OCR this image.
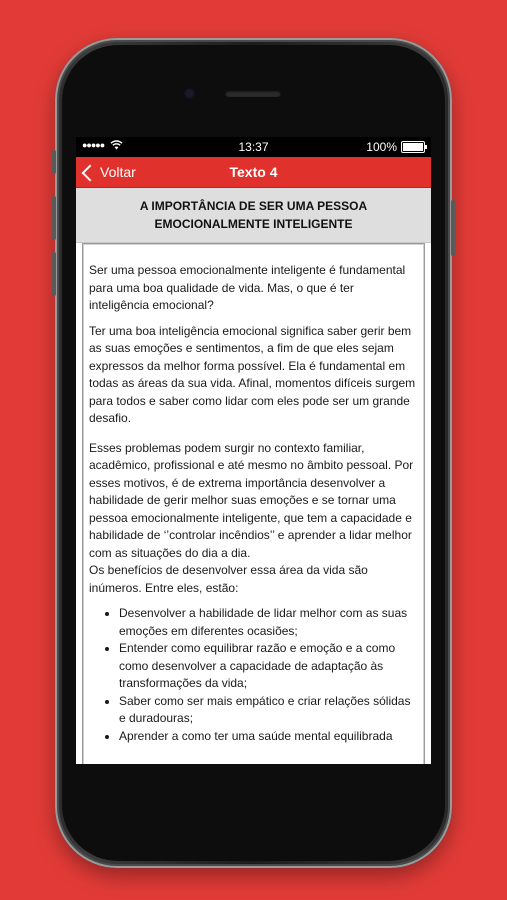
●●●●●	13:37	100%
Voltar	Texto 4
A IMPORTÂNCIA DE SER UMA PESSOA EMOCIONALMENTE INTELIGENTE

Ser uma pessoa emocionalmente inteligente é fundamental para uma boa qualidade de vida. Mas, o que é ter inteligência emocional?

Ter uma boa inteligência emocional significa saber gerir bem as suas emoções e sentimentos, a fim de que eles sejam expressos da melhor forma possível. Ela é fundamental em todas as áreas da sua vida. Afinal, momentos difíceis surgem para todos e saber como lidar com eles pode ser um grande desafio.

Esses problemas podem surgir no contexto familiar, acadêmico, profissional e até mesmo no âmbito pessoal. Por esses motivos, é de extrema importância desenvolver a habilidade de gerir melhor suas emoções e se tornar uma pessoa emocionalmente inteligente, que tem a capacidade e habilidade de ‘’controlar incêndios’’ e aprender a lidar melhor com as situações do dia a dia.

Os benefícios de desenvolver essa área da vida são inúmeros. Entre eles, estão:

• Desenvolver a habilidade de lidar melhor com as suas emoções em diferentes ocasiões;
• Entender como equilibrar razão e emoção e a como como desenvolver a capacidade de adaptação às transformações da vida;
• Saber como ser mais empático e criar relações sólidas e duradouras;
• Aprender a como ter uma saúde mental equilibrada
